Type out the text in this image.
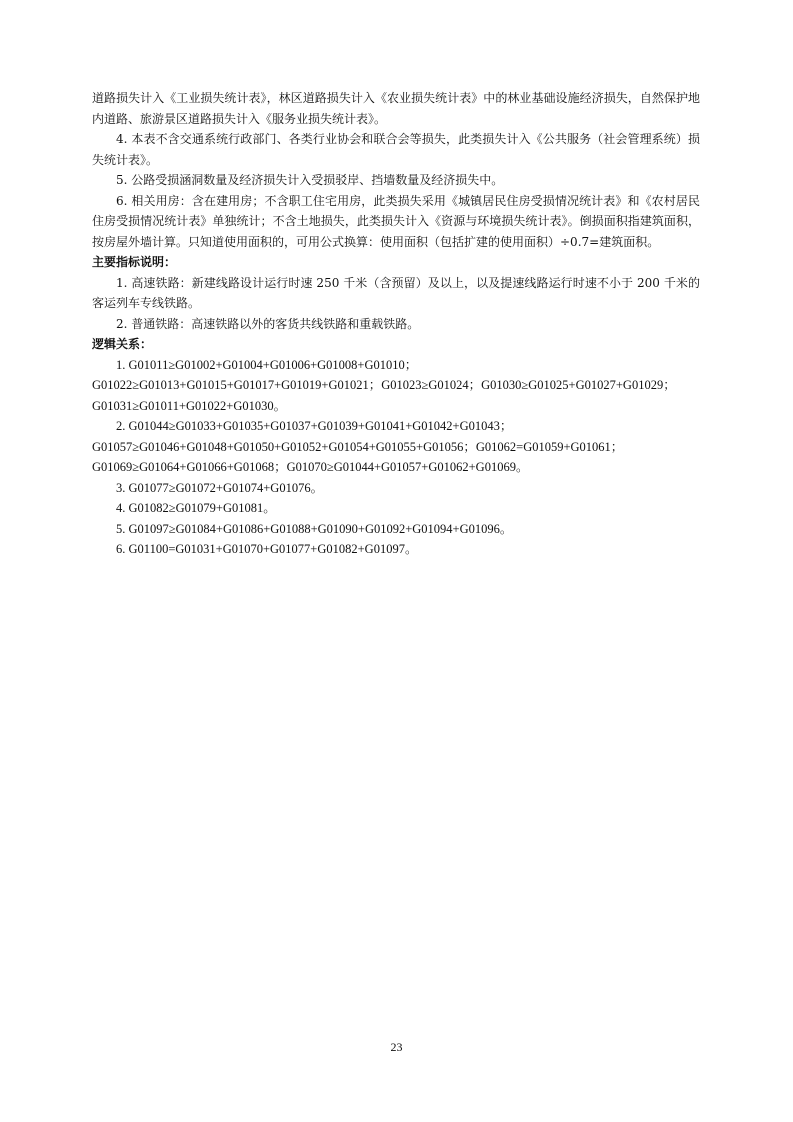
道路损失计入《工业损失统计表》，林区道路损失计入《农业损失统计表》中的林业基础设施经济损失，自然保护地内道路、旅游景区道路损失计入《服务业损失统计表》。

4. 本表不含交通系统行政部门、各类行业协会和联合会等损失，此类损失计入《公共服务（社会管理系统）损失统计表》。

5. 公路受损涵洞数量及经济损失计入受损驳岸、挡墙数量及经济损失中。

6. 相关用房：含在建用房；不含职工住宅用房，此类损失采用《城镇居民住房受损情况统计表》和《农村居民住房受损情况统计表》单独统计；不含土地损失，此类损失计入《资源与环境损失统计表》。倒损面积指建筑面积，按房屋外墙计算。只知道使用面积的，可用公式换算：使用面积（包括扩建的使用面积）÷0.7=建筑面积。

主要指标说明：

1. 高速铁路：新建线路设计运行时速 250 千米（含预留）及以上，以及提速线路运行时速不小于 200 千米的客运列车专线铁路。

2. 普通铁路：高速铁路以外的客货共线铁路和重载铁路。

逻辑关系：

1. G01011≥G01002+G01004+G01006+G01008+G01010；G01022≥G01013+G01015+G01017+G01019+G01021；G01023≥G01024；G01030≥G01025+G01027+G01029；G01031≥G01011+G01022+G01030。

2. G01044≥G01033+G01035+G01037+G01039+G01041+G01042+G01043；G01057≥G01046+G01048+G01050+G01052+G01054+G01055+G01056；G01062=G01059+G01061；G01069≥G01064+G01066+G01068；G01070≥G01044+G01057+G01062+G01069。

3. G01077≥G01072+G01074+G01076。

4. G01082≥G01079+G01081。

5. G01097≥G01084+G01086+G01088+G01090+G01092+G01094+G01096。

6. G01100=G01031+G01070+G01077+G01082+G01097。

23
